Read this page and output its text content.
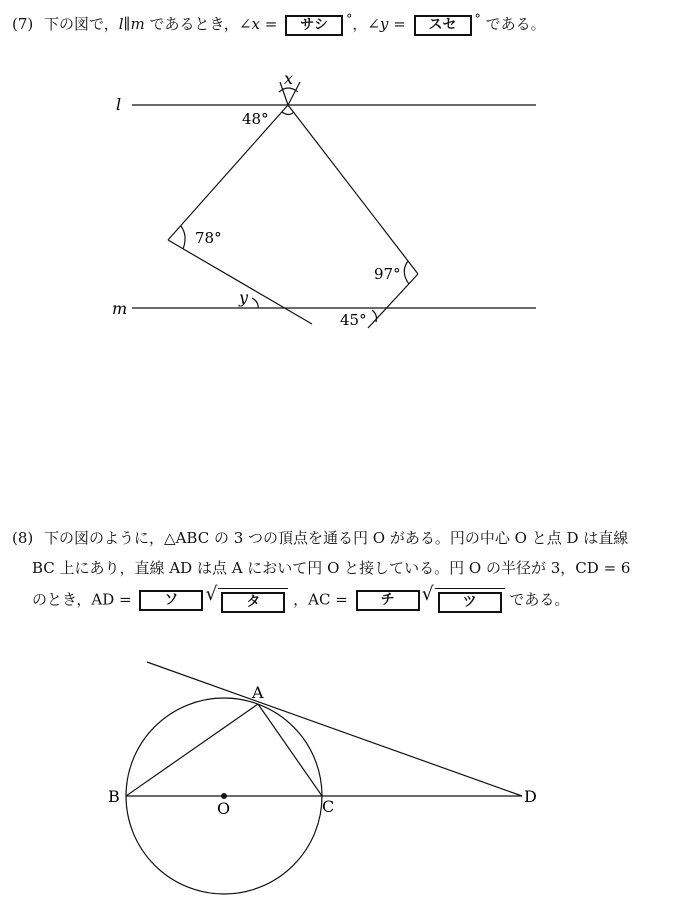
(7) 下の図で，l∥m であるとき，∠x = サシ °，∠y = スセ ° である。
l
m
x
48°
78°
97°
y
45°
(8) 下の図のように，△ABC の 3 つの頂点を通る円 O がある。円の中心 O と点 D は直線
BC 上にあり，直線 AD は点 A において円 O と接している。円 O の半径が 3，CD = 6
のとき，AD = ソ	√ タ ，AC = チ	√ ツ である。
A
B
C
D
O
